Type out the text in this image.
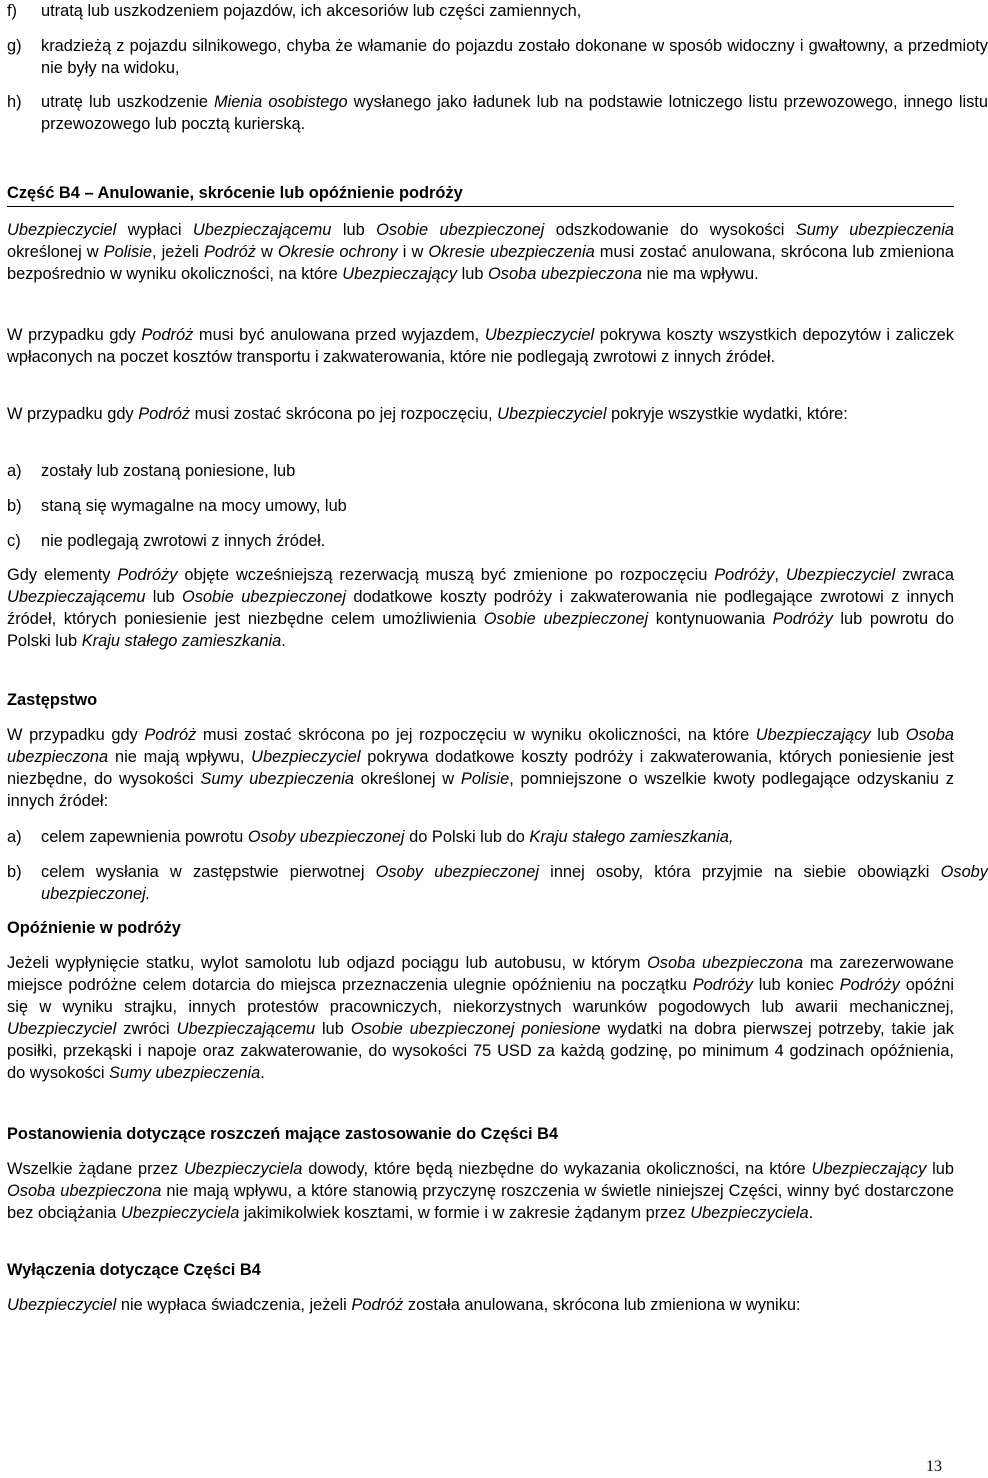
f) utratą lub uszkodzeniem pojazdów, ich akcesoriów lub części zamiennych,
g) kradzieżą z pojazdu silnikowego, chyba że włamanie do pojazdu zostało dokonane w sposób widoczny i gwałtowny, a przedmioty nie były na widoku,
h) utratę lub uszkodzenie Mienia osobistego wysłanego jako ładunek lub na podstawie lotniczego listu przewozowego, innego listu przewozowego lub pocztą kurierską.
Część B4 – Anulowanie, skrócenie lub opóźnienie podróży

Ubezpieczyciel wypłaci Ubezpieczającemu lub Osobie ubezpieczonej odszkodowanie do wysokości Sumy ubezpieczenia określonej w Polisie, jeżeli Podróż w Okresie ochrony i w Okresie ubezpieczenia musi zostać anulowana, skrócona lub zmieniona bezpośrednio w wyniku okoliczności, na które Ubezpieczający lub Osoba ubezpieczona nie ma wpływu.

W przypadku gdy Podróż musi być anulowana przed wyjazdem, Ubezpieczyciel pokrywa koszty wszystkich depozytów i zaliczek wpłaconych na poczet kosztów transportu i zakwaterowania, które nie podlegają zwrotowi z innych źródeł.

W przypadku gdy Podróż musi zostać skrócona po jej rozpoczęciu, Ubezpieczyciel pokryje wszystkie wydatki, które:

a) zostały lub zostaną poniesione, lub
b) staną się wymagalne na mocy umowy, lub
c) nie podlegają zwrotowi z innych źródeł.

Gdy elementy Podróży objęte wcześniejszą rezerwacją muszą być zmienione po rozpoczęciu Podróży, Ubezpieczyciel zwraca Ubezpieczającemu lub Osobie ubezpieczonej dodatkowe koszty podróży i zakwaterowania nie podlegające zwrotowi z innych źródeł, których poniesienie jest niezbędne celem umożliwienia Osobie ubezpieczonej kontynuowania Podróży lub powrotu do Polski lub Kraju stałego zamieszkania.

Zastępstwo

W przypadku gdy Podróż musi zostać skrócona po jej rozpoczęciu w wyniku okoliczności, na które Ubezpieczający lub Osoba ubezpieczona nie mają wpływu, Ubezpieczyciel pokrywa dodatkowe koszty podróży i zakwaterowania, których poniesienie jest niezbędne, do wysokości Sumy ubezpieczenia określonej w Polisie, pomniejszone o wszelkie kwoty podlegające odzyskaniu z innych źródeł:

a) celem zapewnienia powrotu Osoby ubezpieczonej do Polski lub do Kraju stałego zamieszkania,
b) celem wysłania w zastępstwie pierwotnej Osoby ubezpieczonej innej osoby, która przyjmie na siebie obowiązki Osoby ubezpieczonej.
Opóźnienie w podróży

Jeżeli wypłynięcie statku, wylot samolotu lub odjazd pociągu lub autobusu, w którym Osoba ubezpieczona ma zarezerwowane miejsce podróżne celem dotarcia do miejsca przeznaczenia ulegnie opóźnieniu na początku Podróży lub koniec Podróży opóźni się w wyniku strajku, innych protestów pracowniczych, niekorzystnych warunków pogodowych lub awarii mechanicznej, Ubezpieczyciel zwróci Ubezpieczającemu lub Osobie ubezpieczonej poniesione wydatki na dobra pierwszej potrzeby, takie jak posiłki, przekąski i napoje oraz zakwaterowanie, do wysokości 75 USD za każdą godzinę, po minimum 4 godzinach opóźnienia, do wysokości Sumy ubezpieczenia.

Postanowienia dotyczące roszczeń mające zastosowanie do Części B4

Wszelkie żądane przez Ubezpieczyciela dowody, które będą niezbędne do wykazania okoliczności, na które Ubezpieczający lub Osoba ubezpieczona nie mają wpływu, a które stanowią przyczynę roszczenia w świetle niniejszej Części, winny być dostarczone bez obciążania Ubezpieczyciela jakimikolwiek kosztami, w formie i w zakresie żądanym przez Ubezpieczyciela.

Wyłączenia dotyczące Części B4

Ubezpieczyciel nie wypłaca świadczenia, jeżeli Podróż została anulowana, skrócona lub zmieniona w wyniku:

13
